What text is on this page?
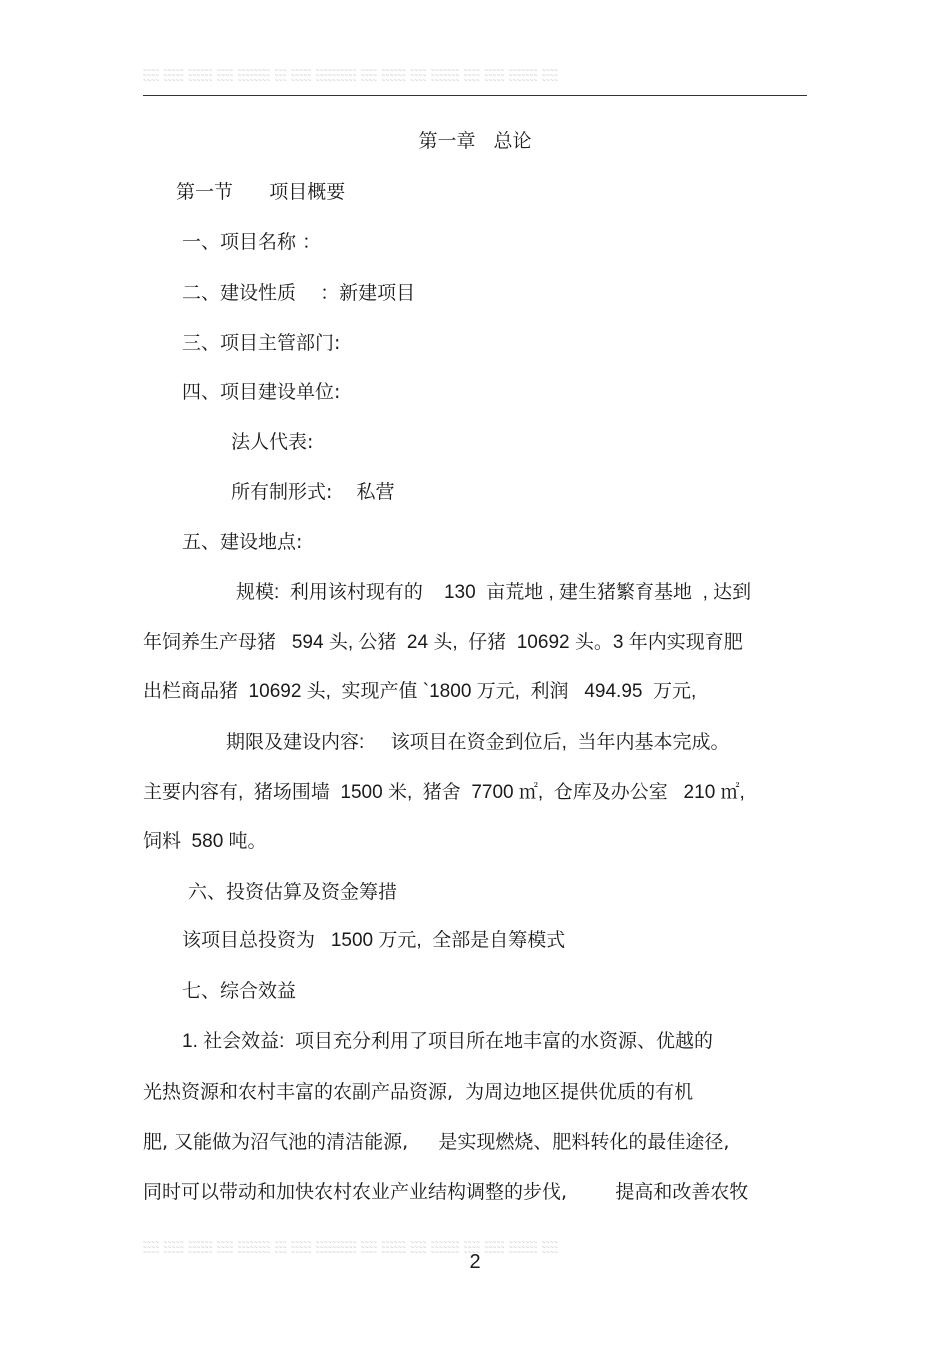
~~~~ ~~~~~ ~~~~~~ ~~~~ ~~~~~~~~ ~~~ ~~~~~ ~~~~~~~~~~ ~~~~ ~~~~~~ ~~~~ ~~~~~~~ ~~~~ ~~~~~ ~~~~~~~ ~~~~
~~~~ ~~~~~ ~~~~~~ ~~~~ ~~~~~~~~ ~~~ ~~~~~ ~~~~~~~~~~ ~~~~ ~~~~~~ ~~~~ ~~~~~~~ ~~~~ ~~~~~ ~~~~~~~ ~~~~
~~~~ ~~~~~ ~~~~~~ ~~~~ ~~~~~~~~ ~~~ ~~~~~ ~~~~~~~~~~ ~~~~ ~~~~~~ ~~~~ ~~~~~~~ ~~~~ ~~~~~ ~~~~~~~ ~~~~
第一章   总论
第一节      项目概要
一、项目名称 ：
二、建设性质    ：新建项目
三、项目主管部门:
四、项目建设单位:
法人代表:
所有制形式:    私营
五、建设地点:
规模:  利用该村现有的    130  亩荒地 , 建生猪繁育基地  , 达到
年饲养生产母猪   594 头, 公猪  24 头,  仔猪  10692 头。3 年内实现育肥
出栏商品猪  10692 头,  实现产值 `1800 万元,  利润   494.95  万元,
期限及建设内容:     该项目在资金到位后,  当年内基本完成。
主要内容有,  猪场围墙  1500 米,  猪舍  7700 ㎡,  仓库及办公室   210 ㎡,
饲料  580 吨。
六、投资估算及资金筹措
该项目总投资为   1500 万元,  全部是自筹模式
七、综合效益
1. 社会效益:  项目充分利用了项目所在地丰富的水资源、优越的
光热资源和农村丰富的农副产品资源,  为周边地区提供优质的有机
肥, 又能做为沼气池的清洁能源,     是实现燃烧、肥料转化的最佳途径,
同时可以带动和加快农村农业产业结构调整的步伐,        提高和改善农牧
~~~~ ~~~~~ ~~~~~~ ~~~~ ~~~~~~~~ ~~~ ~~~~~ ~~~~~~~~~~ ~~~~ ~~~~~~ ~~~~ ~~~~~~~ ~~~~ ~~~~~ ~~~~~~~ ~~~~
~~~~ ~~~~~ ~~~~~~ ~~~~ ~~~~~~~~ ~~~ ~~~~~ ~~~~~~~~~~ ~~~~ ~~~~~~ ~~~~ ~~~~~~~ ~~~~ ~~~~~ ~~~~~~~ ~~~~
~~~~ ~~~~~ ~~~~~~ ~~~~ ~~~~~~~~ ~~~ ~~~~~ ~~~~~~~~~~ ~~~~ ~~~~~~ ~~~~ ~~~~~~~ ~~~~ ~~~~~ ~~~~~~~ ~~~~
2
